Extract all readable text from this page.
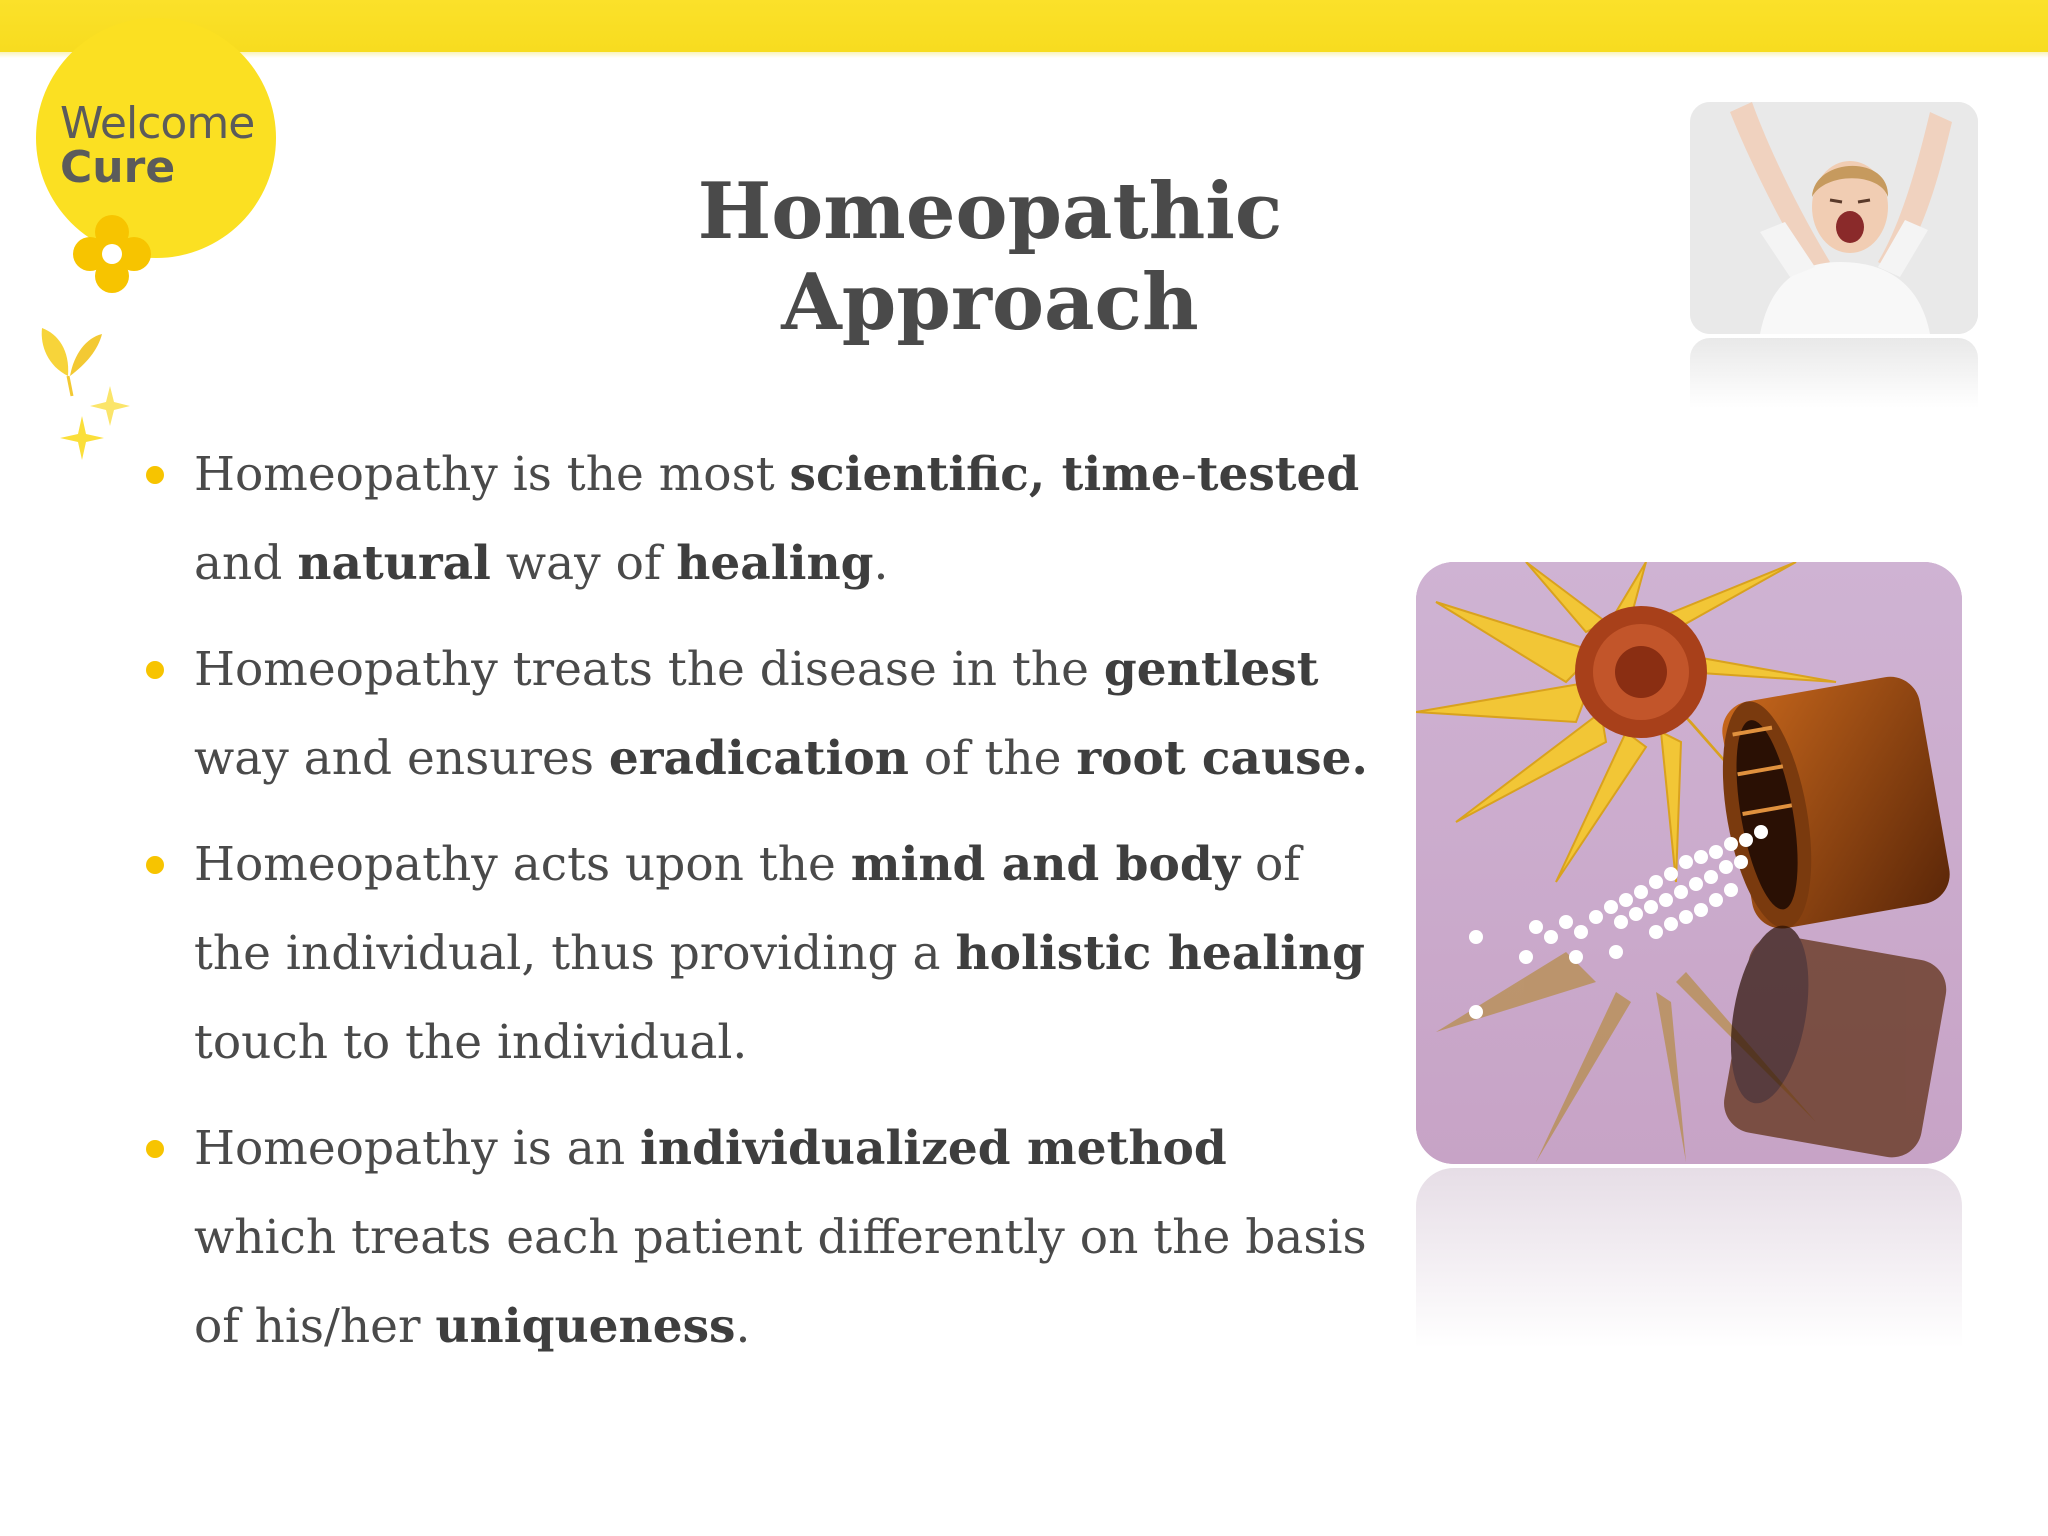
Welcome
Cure	Homeopathic Approach
Homeopathy is the most scientific, time-tested and natural way of healing.
Homeopathy treats the disease in the gentlest way and ensures eradication of the root cause.
Homeopathy acts upon the mind and body of the individual, thus providing a holistic healing touch to the individual.
Homeopathy is an individualized method which treats each patient differently on the basis of his/her uniqueness.
